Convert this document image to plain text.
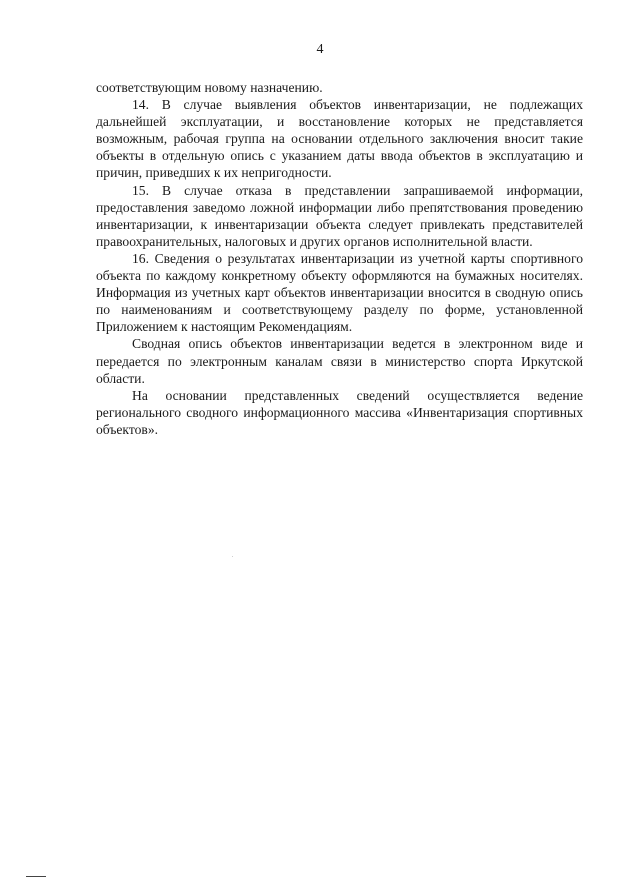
4

соответствующим новому назначению.

14. В случае выявления объектов инвентаризации, не подлежащих дальнейшей эксплуатации, и восстановление которых не представляется возможным, рабочая группа на основании отдельного заключения вносит такие объекты в отдельную опись с указанием даты ввода объектов в эксплуатацию и причин, приведших к их непригодности.

15. В случае отказа в представлении запрашиваемой информации, предоставления заведомо ложной информации либо препятствования проведению инвентаризации, к инвентаризации объекта следует привлекать представителей правоохранительных, налоговых и других органов исполнительной власти.

16. Сведения о результатах инвентаризации из учетной карты спортивного объекта по каждому конкретному объекту оформляются на бумажных носителях. Информация из учетных карт объектов инвентаризации вносится в сводную опись по наименованиям и соответствующему разделу по форме, установленной Приложением к настоящим Рекомендациям.

Сводная опись объектов инвентаризации ведется в электронном виде и передается по электронным каналам связи в министерство спорта Иркутской области.

На основании представленных сведений осуществляется ведение регионального сводного информационного массива «Инвентаризация спортивных объектов».
